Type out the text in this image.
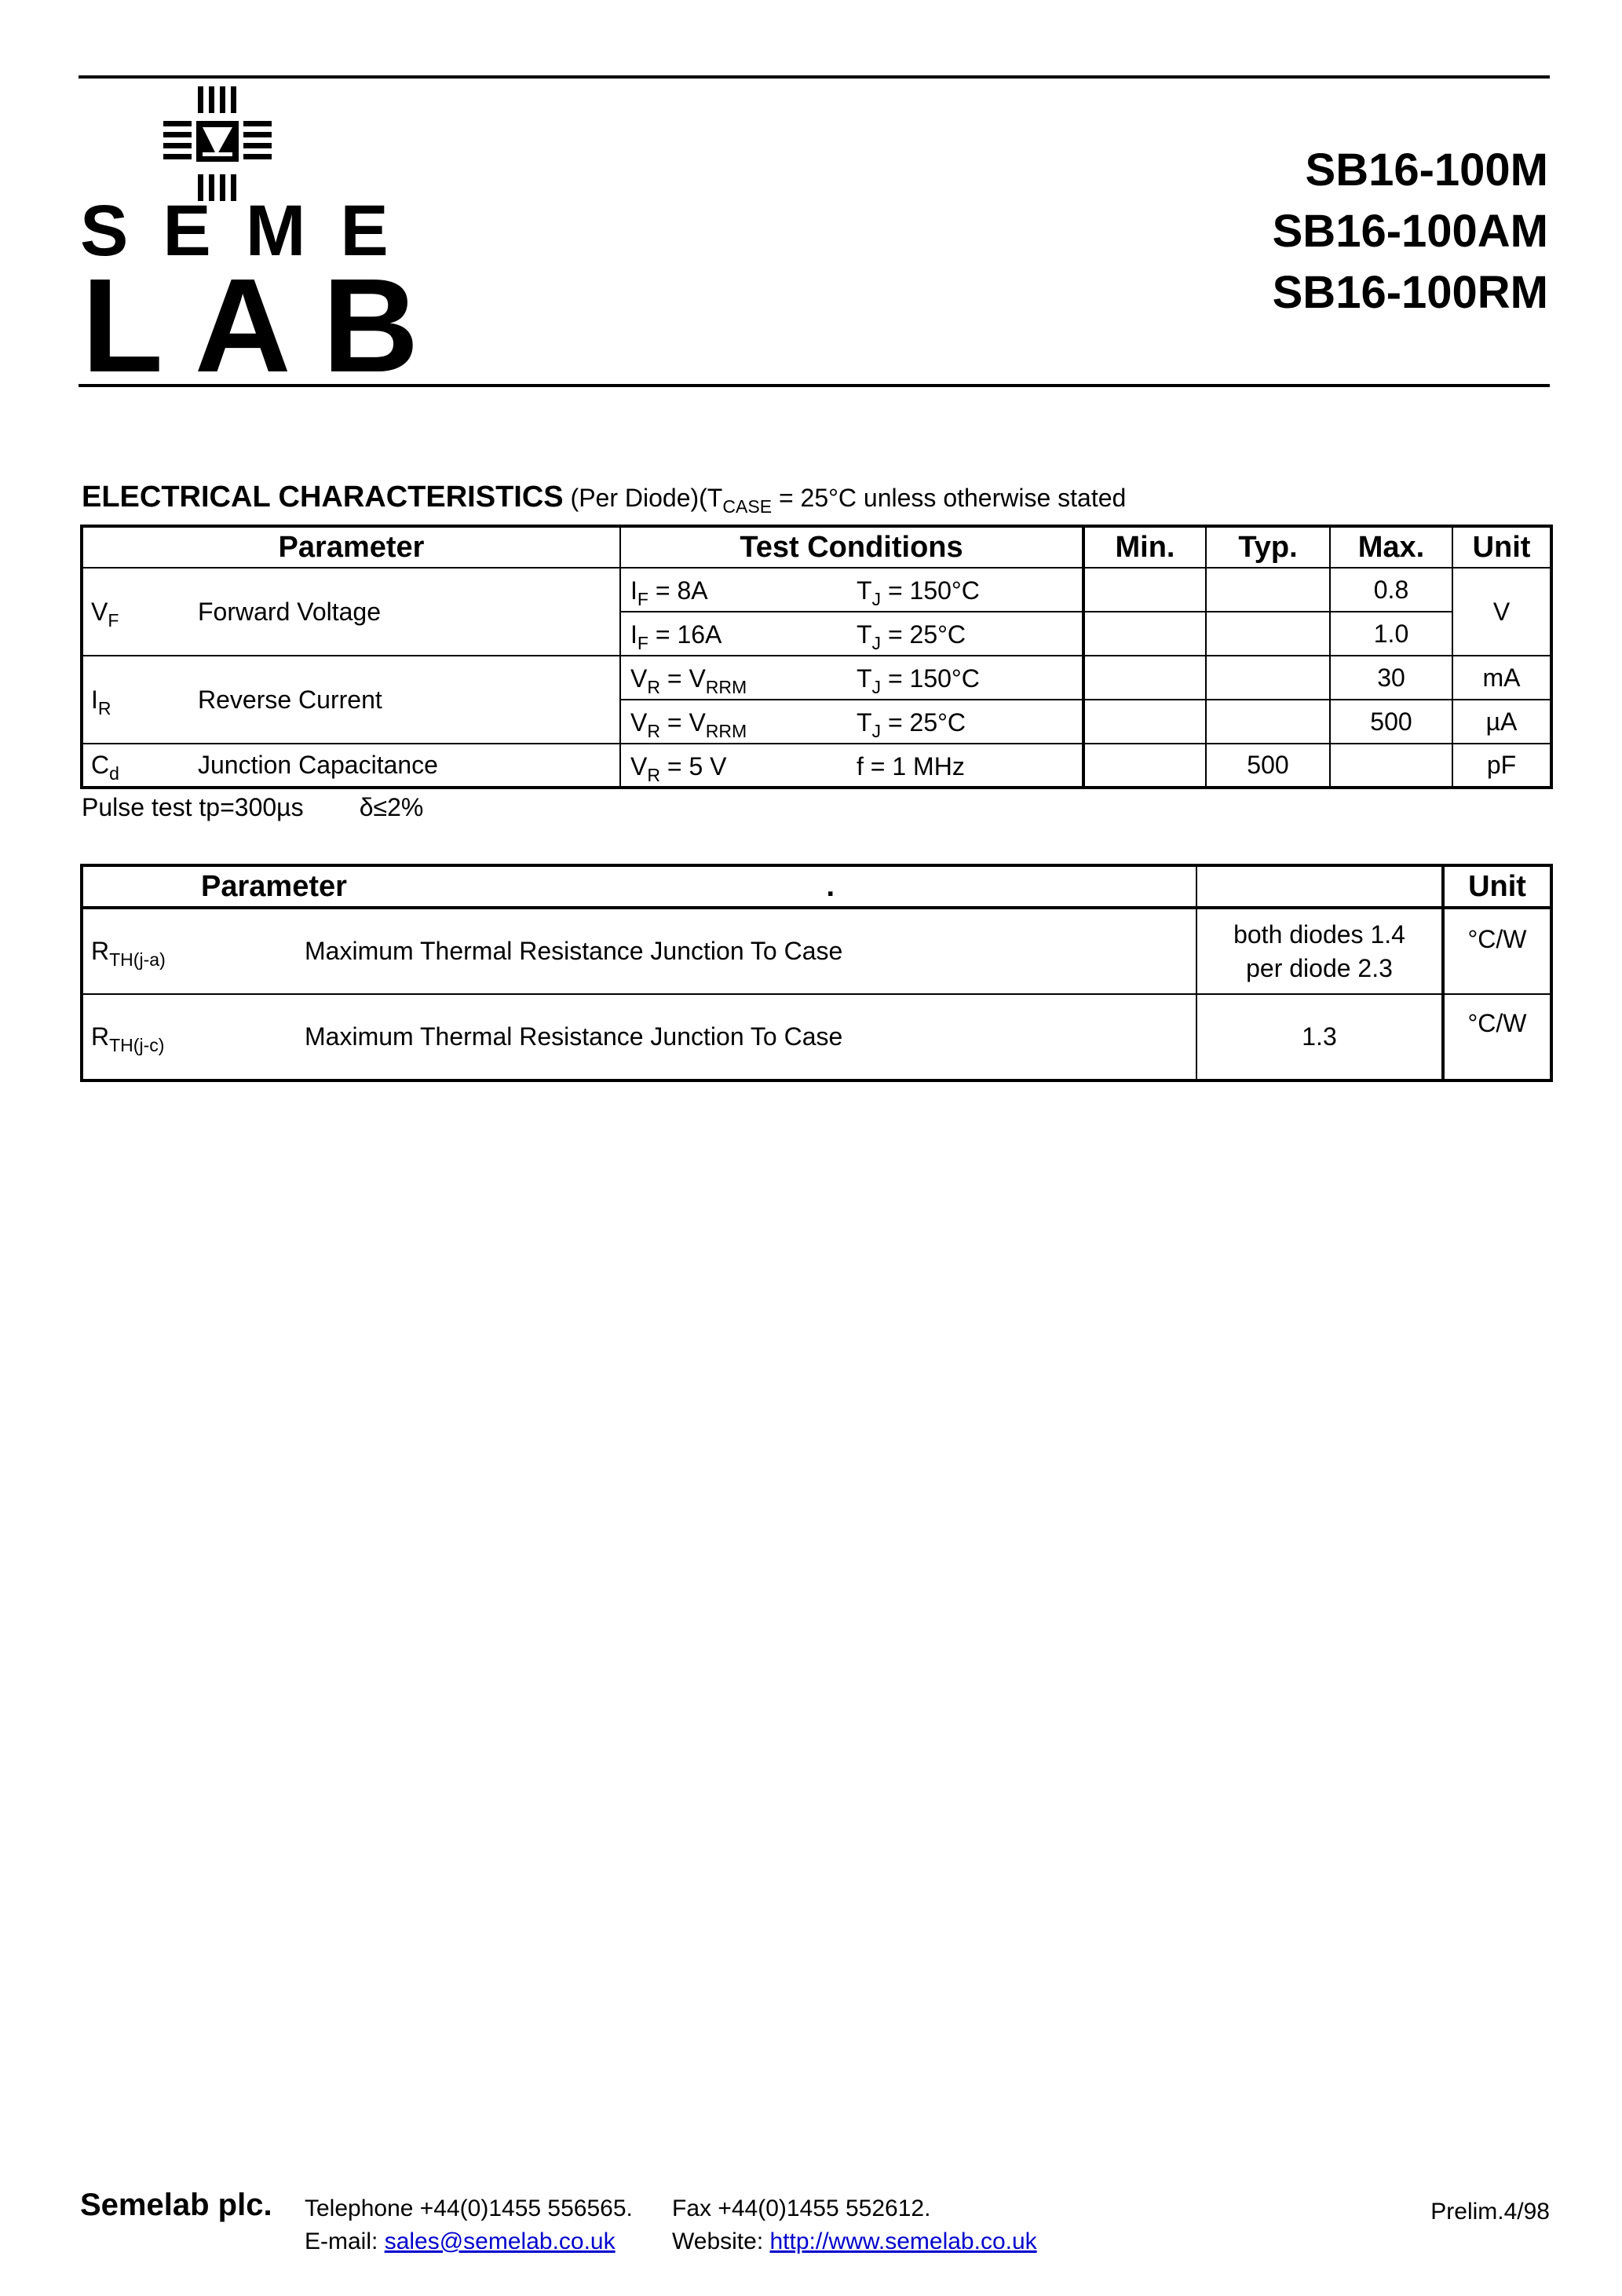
SEME
LAB
SB16-100M
SB16-100AM
SB16-100RM
ELECTRICAL CHARACTERISTICS (Per $Diode)(T_{CASE} = 25^\circ C$ unless otherwise stated
Parameter	Test Conditions	Min.	Typ.	Max.	Unit
$V_F$ Forward Voltage	$I_F = 8A$ $T_J = 150^\circ C$			0.8	V

	$I_F = 16A$ $T_J = 25^\circ C$			1.0	
$I_R$ Reverse Current	$V_R = V_{RRM}$ $T_J = 150^\circ C$			30	mA

	$V_R = V_{RRM}$ $T_J = 25^\circ C$			500	µA
$C_d$ Junction Capacitance	$V_R = 5$ V f = 1 MHz		500		pF
Pulse test tp=300µs        δ≤2%
Parameter .			Unit
$R_{TH(j-a)}$	Maximum Thermal Resistance Junction To Case	both diodes 1.4
per diode 2.3	°C/W
$R_{TH(j-c)}$	Maximum Thermal Resistance Junction To Case	1.3	°C/W
Semelab plc. Telephone +44(0)1455 556565. Fax +44(0)1455 552612.
E-mail: sales@semelab.co.uk Website: http://www.semelab.co.uk
Prelim.4/98
